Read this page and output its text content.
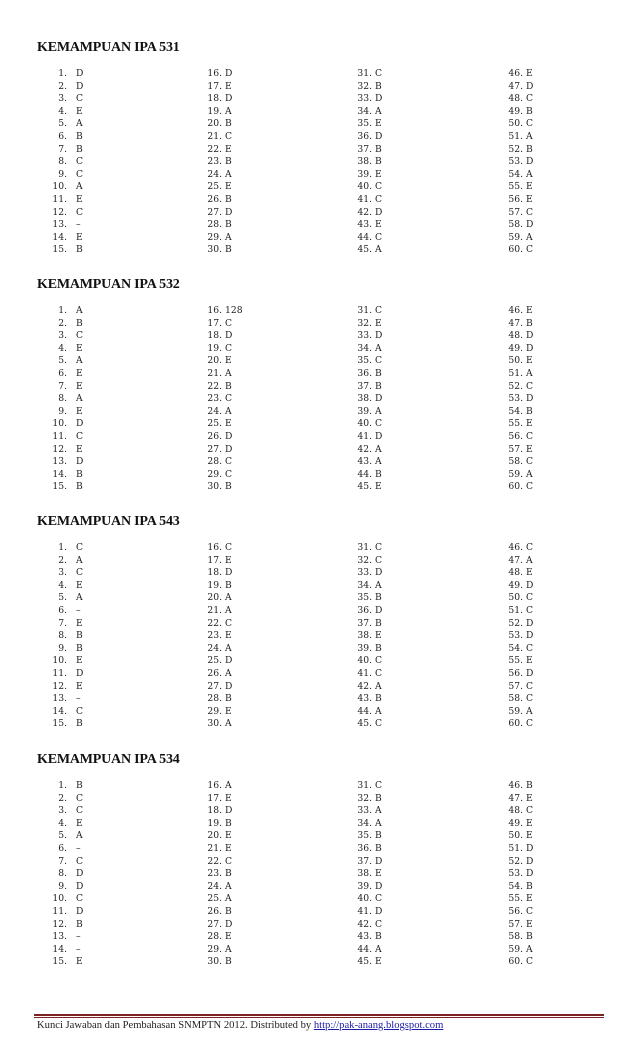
KEMAMPUAN IPA 531
1. D
2. D
3. C
4. E
5. A
6. B
7. B
8. C
9. C
10. A
11. E
12. C
13. –
14. E
15. B
16. D
17. E
18. D
19. A
20. B
21. C
22. E
23. B
24. A
25. E
26. B
27. D
28. B
29. A
30. B
31. C
32. B
33. D
34. A
35. E
36. D
37. B
38. B
39. E
40. C
41. C
42. D
43. E
44. C
45. A
46. E
47. D
48. C
49. B
50. C
51. A
52. B
53. D
54. A
55. E
56. E
57. C
58. D
59. A
60. C
KEMAMPUAN IPA 532
1. A
2. B
3. C
4. E
5. A
6. E
7. E
8. A
9. E
10. D
11. C
12. E
13. D
14. B
15. B
16. 128
17. C
18. D
19. C
20. E
21. A
22. B
23. C
24. A
25. E
26. D
27. D
28. C
29. C
30. B
31. C
32. E
33. D
34. A
35. C
36. B
37. B
38. D
39. A
40. C
41. D
42. A
43. A
44. B
45. E
46. E
47. B
48. D
49. D
50. E
51. A
52. C
53. D
54. B
55. E
56. C
57. E
58. C
59. A
60. C
KEMAMPUAN IPA 543
1. C
2. A
3. C
4. E
5. A
6. –
7. E
8. B
9. B
10. E
11. D
12. E
13. –
14. C
15. B
16. C
17. E
18. D
19. B
20. A
21. A
22. C
23. E
24. A
25. D
26. A
27. D
28. B
29. E
30. A
31. C
32. C
33. D
34. A
35. B
36. D
37. B
38. E
39. B
40. C
41. C
42. A
43. B
44. A
45. C
46. C
47. A
48. E
49. D
50. C
51. C
52. D
53. D
54. C
55. E
56. D
57. C
58. C
59. A
60. C
KEMAMPUAN IPA 534
1. B
2. C
3. C
4. E
5. A
6. –
7. C
8. D
9. D
10. C
11. D
12. B
13. –
14. –
15. E
16. A
17. E
18. D
19. B
20. E
21. E
22. C
23. B
24. A
25. A
26. B
27. D
28. E
29. A
30. B
31. C
32. B
33. A
34. A
35. B
36. B
37. D
38. E
39. D
40. C
41. D
42. C
43. B
44. A
45. E
46. B
47. E
48. C
49. E
50. E
51. D
52. D
53. D
54. B
55. E
56. C
57. E
58. B
59. A
60. C
Kunci Jawaban dan Pembahasan SNMPTN 2012. Distributed by http://pak-anang.blogspot.com
